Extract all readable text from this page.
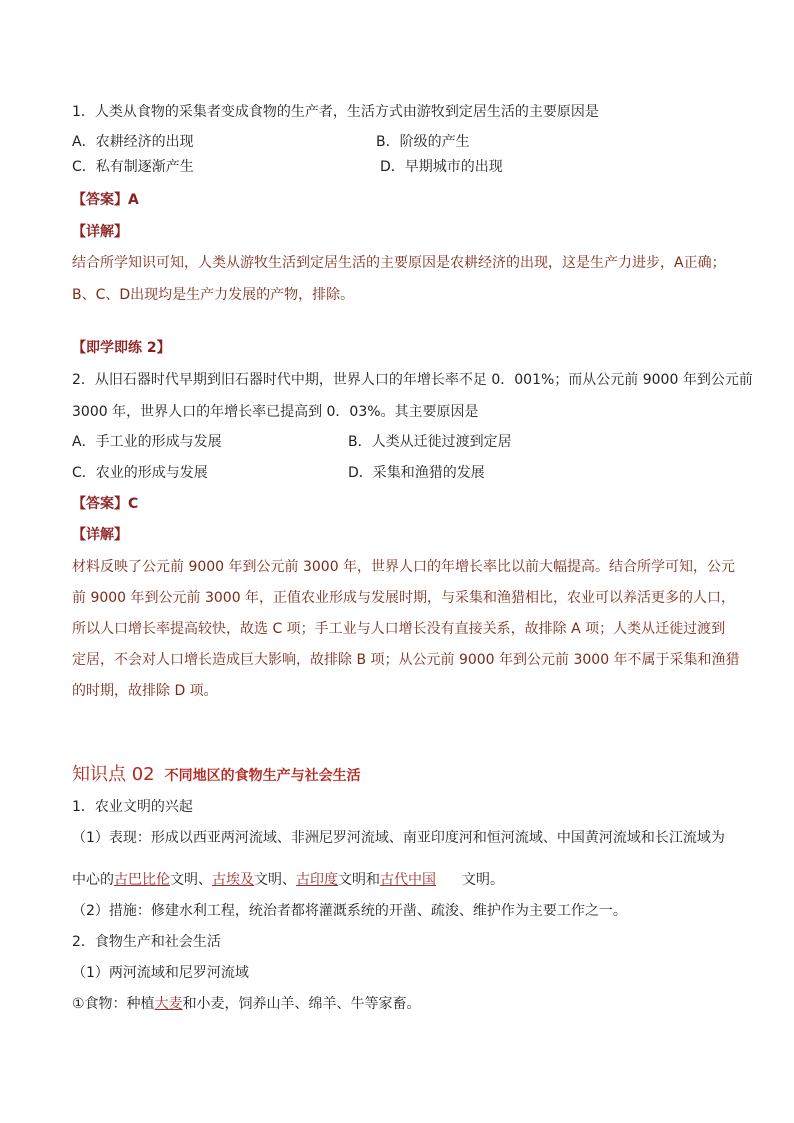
1．人类从食物的采集者变成食物的生产者，生活方式由游牧到定居生活的主要原因是
A．农耕经济的出现	B．阶级的产生
C．私有制逐渐产生	D．早期城市的出现
【答案】A
【详解】
结合所学知识可知，人类从游牧生活到定居生活的主要原因是农耕经济的出现，这是生产力进步，A正确；
B、C、D出现均是生产力发展的产物，排除。
【即学即练 2】
2．从旧石器时代早期到旧石器时代中期，世界人口的年增长率不足 0．001%；而从公元前 9000 年到公元前
3000 年，世界人口的年增长率已提高到 0．03%。其主要原因是
A．手工业的形成与发展	B．人类从迁徙过渡到定居
C．农业的形成与发展	D．采集和渔猎的发展
【答案】C
【详解】
材料反映了公元前 9000 年到公元前 3000 年，世界人口的年增长率比以前大幅提高。结合所学可知，公元
前 9000 年到公元前 3000 年，正值农业形成与发展时期，与采集和渔猎相比，农业可以养活更多的人口，
所以人口增长率提高较快，故选 C 项；手工业与人口增长没有直接关系，故排除 A 项；人类从迁徙过渡到
定居，不会对人口增长造成巨大影响，故排除 B 项；从公元前 9000 年到公元前 3000 年不属于采集和渔猎
的时期，故排除 D 项。
知识点 02 不同地区的食物生产与社会生活
1．农业文明的兴起
（1）表现：形成以西亚两河流域、非洲尼罗河流域、南亚印度河和恒河流域、中国黄河流域和长江流域为
中心的古巴比伦文明、古埃及文明、古印度文明和古代中国 文明。
（2）措施：修建水利工程，统治者都将灌溉系统的开凿、疏浚、维护作为主要工作之一。
2．食物生产和社会生活
（1）两河流域和尼罗河流域
①食物：种植大麦和小麦，饲养山羊、绵羊、牛等家畜。
